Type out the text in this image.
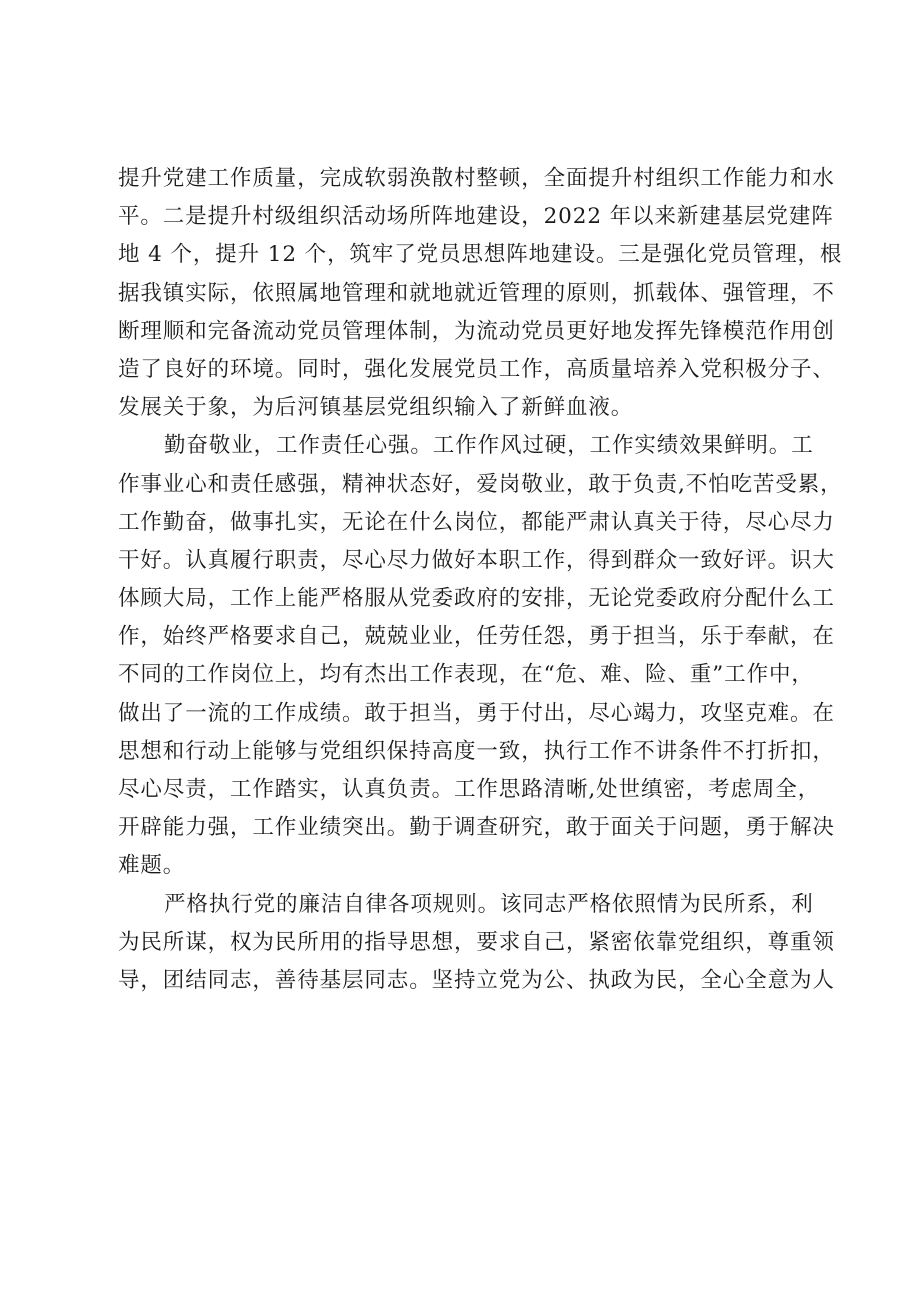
提升党建工作质量，完成软弱涣散村整顿，全面提升村组织工作能力和水
平。二是提升村级组织活动场所阵地建设，2022 年以来新建基层党建阵
地 4 个，提升 12 个，筑牢了党员思想阵地建设。三是强化党员管理，根
据我镇实际，依照属地管理和就地就近管理的原则，抓载体、强管理，不
断理顺和完备流动党员管理体制，为流动党员更好地发挥先锋模范作用创
造了良好的环境。同时，强化发展党员工作，高质量培养入党积极分子、
发展关于象，为后河镇基层党组织输入了新鲜血液。
勤奋敬业，工作责任心强。工作作风过硬，工作实绩效果鲜明。工
作事业心和责任感强，精神状态好，爱岗敬业，敢于负责,不怕吃苦受累，
工作勤奋，做事扎实，无论在什么岗位，都能严肃认真关于待，尽心尽力
干好。认真履行职责，尽心尽力做好本职工作，得到群众一致好评。识大
体顾大局，工作上能严格服从党委政府的安排，无论党委政府分配什么工
作，始终严格要求自己，兢兢业业，任劳任怨，勇于担当，乐于奉献，在
不同的工作岗位上，均有杰出工作表现，在“危、难、险、重”工作中，
做出了一流的工作成绩。敢于担当，勇于付出，尽心竭力，攻坚克难。在
思想和行动上能够与党组织保持高度一致，执行工作不讲条件不打折扣，
尽心尽责，工作踏实，认真负责。工作思路清晰,处世缜密，考虑周全，
开辟能力强，工作业绩突出。勤于调查研究，敢于面关于问题，勇于解决
难题。
严格执行党的廉洁自律各项规则。该同志严格依照情为民所系，利
为民所谋，权为民所用的指导思想，要求自己，紧密依靠党组织，尊重领
导，团结同志，善待基层同志。坚持立党为公、执政为民，全心全意为人
